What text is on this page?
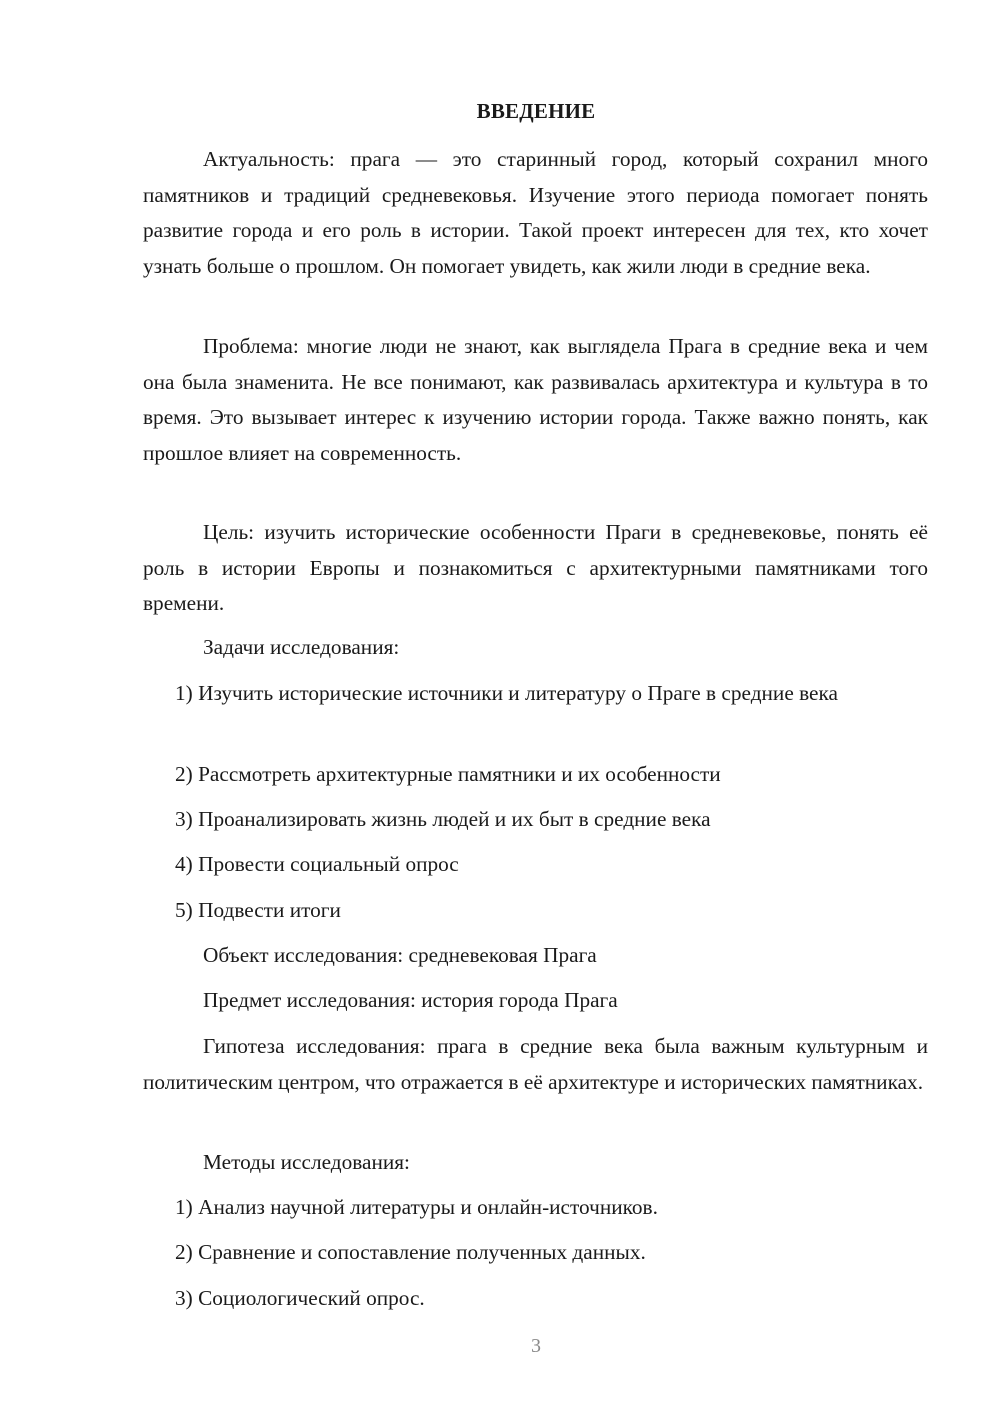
ВВЕДЕНИЕ

Актуальность: прага — это старинный город, который сохранил много памятников и традиций средневековья. Изучение этого периода помогает понять развитие города и его роль в истории. Такой проект интересен для тех, кто хочет узнать больше о прошлом. Он помогает увидеть, как жили люди в средние века.

Проблема: многие люди не знают, как выглядела Прага в средние века и чем она была знаменита. Не все понимают, как развивалась архитектура и культура в то время. Это вызывает интерес к изучению истории города. Также важно понять, как прошлое влияет на современность.

Цель: изучить исторические особенности Праги в средневековье, понять её роль в истории Европы и познакомиться с архитектурными памятниками того времени.

Задачи исследования:

1) Изучить исторические источники и литературу о Праге в средние века

2) Рассмотреть архитектурные памятники и их особенности

3) Проанализировать жизнь людей и их быт в средние века

4) Провести социальный опрос

5) Подвести итоги

Объект исследования: средневековая Прага

Предмет исследования: история города Прага

Гипотеза исследования: прага в средние века была важным культурным и политическим центром, что отражается в её архитектуре и исторических памятниках.

Методы исследования:

1) Анализ научной литературы и онлайн-источников.

2) Сравнение и сопоставление полученных данных.

3) Социологический опрос.

3
